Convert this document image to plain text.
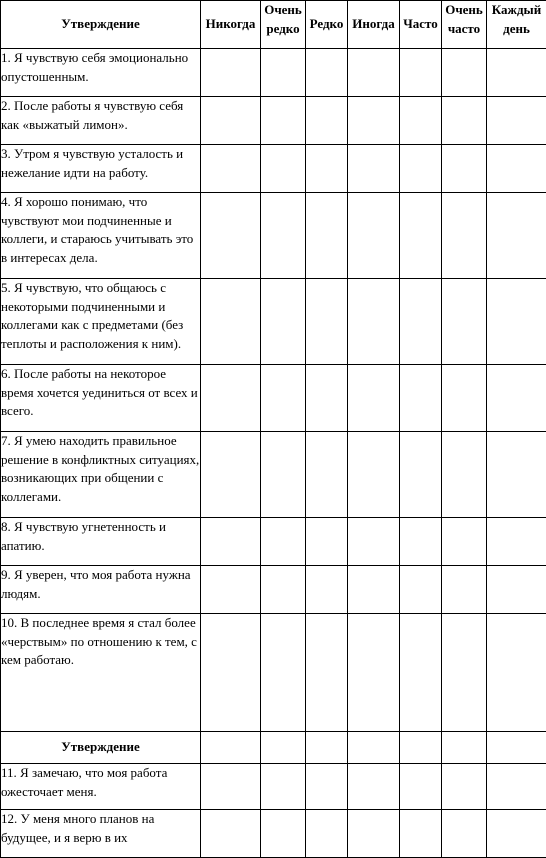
Утверждение	Никогда	Очень редко	Редко	Иногда	Часто	Очень часто	Каждый день
1. Я чувствую себя эмоционально опустошенным.							
2. После работы я чувствую себя как «выжатый лимон».							
3. Утром я чувствую усталость и нежелание идти на работу.							
4. Я хорошо понимаю, что чувствуют мои подчиненные и коллеги, и стараюсь учитывать это в интересах дела.							
5. Я чувствую, что общаюсь с некоторыми подчиненными и коллегами как с предметами (без теплоты и расположения к ним).							
6. После работы на некоторое время хочется уединиться от всех и всего.							
7. Я умею находить правильное решение в конфликтных ситуациях, возникающих при общении с коллегами.							
8. Я чувствую угнетенность и апатию.							
9. Я уверен, что моя работа нужна людям.							
10. В последнее время я стал более «черствым» по отношению к тем, с кем работаю.							
Утверждение							
11. Я замечаю, что моя работа ожесточает меня.							
12. У меня много планов на будущее, и я верю в их							
